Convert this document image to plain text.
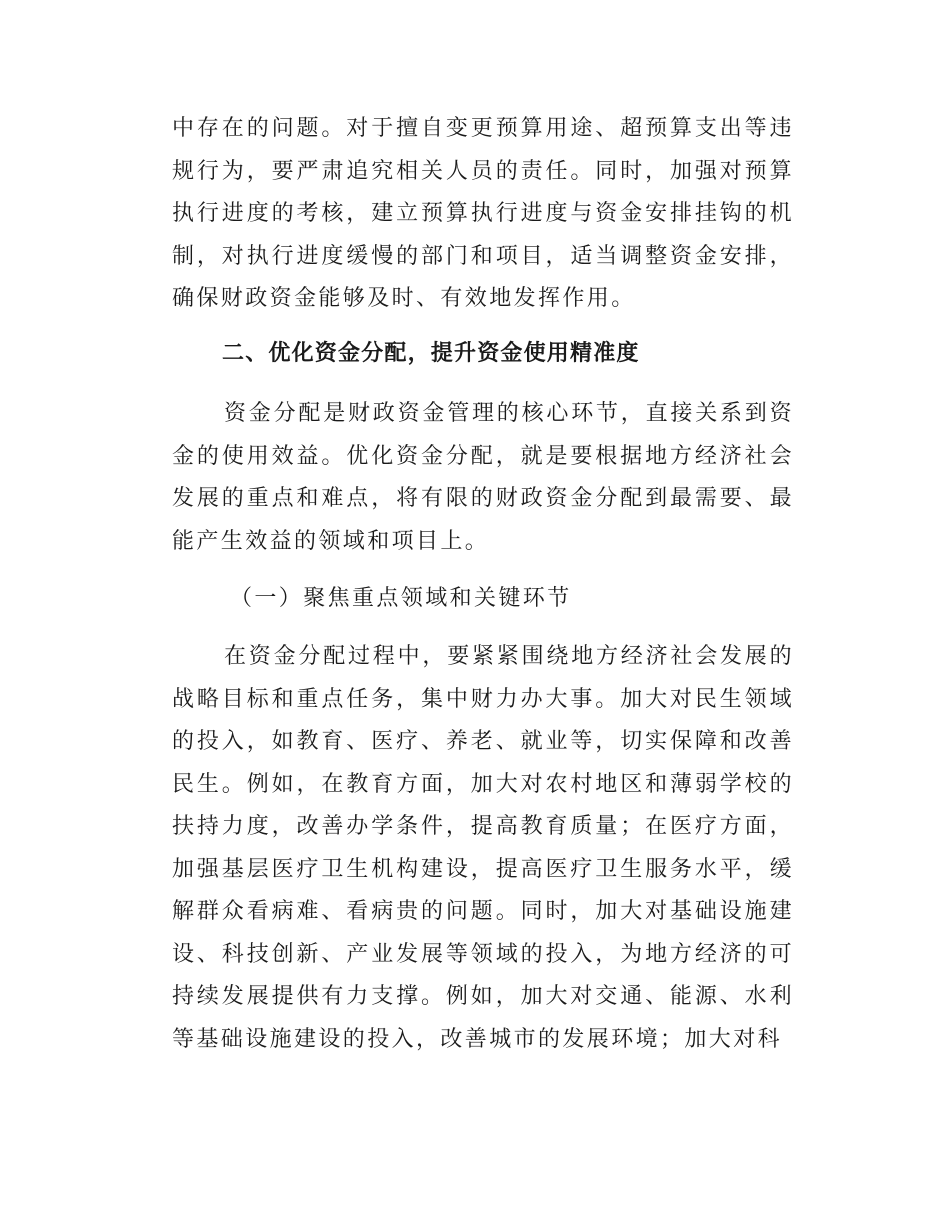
中存在的问题。对于擅自变更预算用途、超预算支出等违规行为，要严肃追究相关人员的责任。同时，加强对预算执行进度的考核，建立预算执行进度与资金安排挂钩的机制，对执行进度缓慢的部门和项目，适当调整资金安排，确保财政资金能够及时、有效地发挥作用。

二、优化资金分配，提升资金使用精准度

资金分配是财政资金管理的核心环节，直接关系到资金的使用效益。优化资金分配，就是要根据地方经济社会发展的重点和难点，将有限的财政资金分配到最需要、最能产生效益的领域和项目上。

（一）聚焦重点领域和关键环节

在资金分配过程中，要紧紧围绕地方经济社会发展的战略目标和重点任务，集中财力办大事。加大对民生领域的投入，如教育、医疗、养老、就业等，切实保障和改善民生。例如，在教育方面，加大对农村地区和薄弱学校的扶持力度，改善办学条件，提高教育质量；在医疗方面，加强基层医疗卫生机构建设，提高医疗卫生服务水平，缓解群众看病难、看病贵的问题。同时，加大对基础设施建设、科技创新、产业发展等领域的投入，为地方经济的可持续发展提供有力支撑。例如，加大对交通、能源、水利等基础设施建设的投入，改善城市的发展环境；加大对科
